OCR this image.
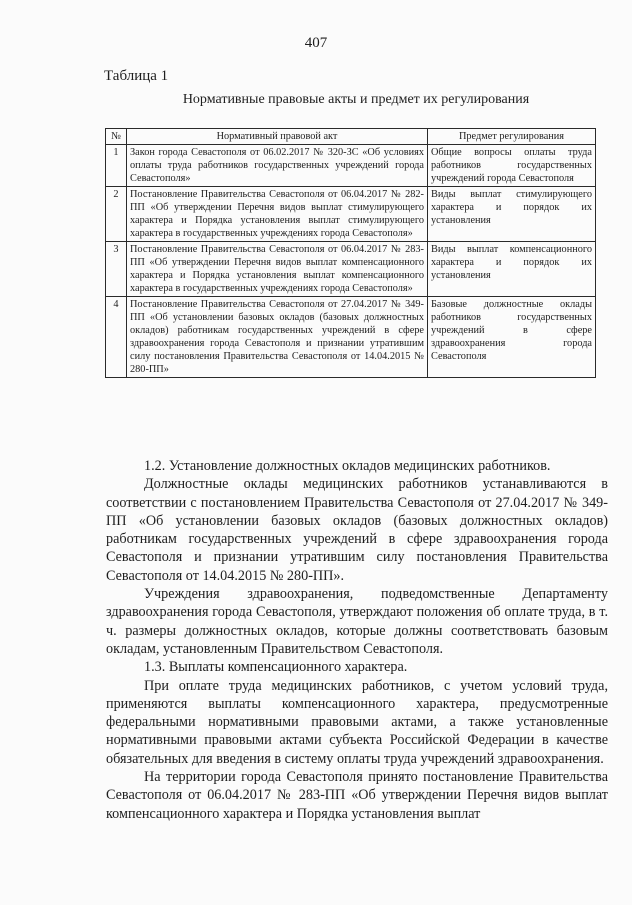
407
Таблица 1
Нормативные правовые акты и предмет их регулирования
№	Нормативный правовой акт	Предмет регулирования
1	Закон города Севастополя от 06.02.2017 № 320-ЗС «Об условиях оплаты труда работников государственных учреждений города Севастополя»	Общие вопросы оплаты труда работников государственных учреждений города Севастополя
2	Постановление Правительства Севастополя от 06.04.2017 № 282-ПП «Об утверждении Перечня видов выплат стимулирующего характера и Порядка установления выплат стимулирующего характера в государственных учреждениях города Севастополя»	Виды выплат стимулирующего характера и порядок их установления
3	Постановление Правительства Севастополя от 06.04.2017 № 283-ПП «Об утверждении Перечня видов выплат компенсационного характера и Порядка установления выплат компенсационного характера в государственных учреждениях города Севастополя»	Виды выплат компенсационного характера и порядок их установления
4	Постановление Правительства Севастополя от 27.04.2017 № 349-ПП «Об установлении базовых окладов (базовых должностных окладов) работникам государственных учреждений в сфере здравоохранения города Севастополя и признании утратившим силу постановления Правительства Севастополя от 14.04.2015 № 280-ПП»	Базовые должностные оклады работников государственных учреждений в сфере здравоохранения города Севастополя

1.2. Установление должностных окладов медицинских работников.

Должностные оклады медицинских работников устанавливаются в соответствии с постановлением Правительства Севастополя от 27.04.2017 № 349-ПП «Об установлении базовых окладов (базовых должностных окладов) работникам государственных учреждений в сфере здравоохранения города Севастополя и признании утратившим силу постановления Правительства Севастополя от 14.04.2015 № 280-ПП».

Учреждения здравоохранения, подведомственные Департаменту здравоохранения города Севастополя, утверждают положения об оплате труда, в т. ч. размеры должностных окладов, которые должны соответствовать базовым окладам, установленным Правительством Севастополя.

1.3. Выплаты компенсационного характера.

При оплате труда медицинских работников, с учетом условий труда, применяются выплаты компенсационного характера, предусмотренные федеральными нормативными правовыми актами, а также установленные нормативными правовыми актами субъекта Российской Федерации в качестве обязательных для введения в систему оплаты труда учреждений здравоохранения.

На территории города Севастополя принято постановление Правительства Севастополя от 06.04.2017 № 283-ПП «Об утверждении Перечня видов выплат компенсационного характера и Порядка установления выплат
